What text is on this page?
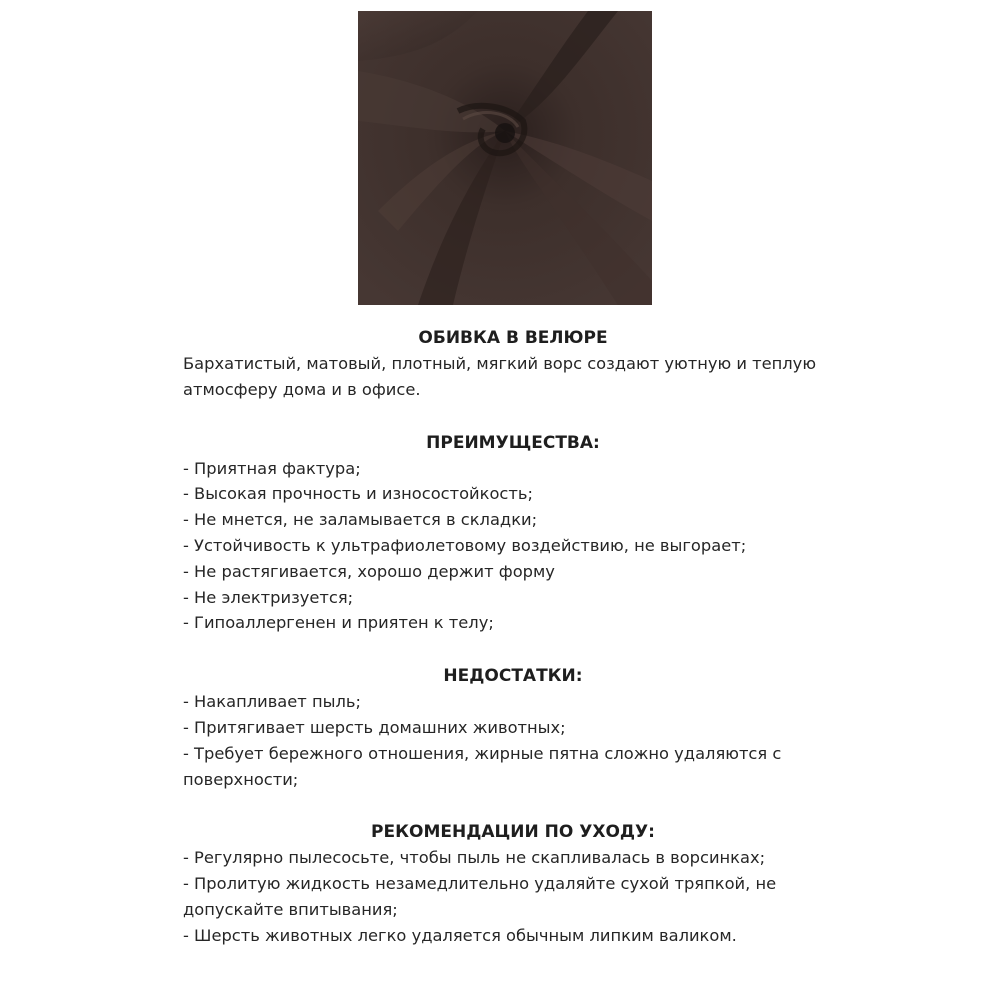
ОБИВКА В ВЕЛЮРЕ

Бархатистый, матовый, плотный, мягкий ворс создают уютную и теплую атмосферу дома и в офисе.

ПРЕИМУЩЕСТВА:
- Приятная фактура;
- Высокая прочность и износостойкость;
- Не мнется, не заламывается в складки;
- Устойчивость к ультрафиолетовому воздействию, не выгорает;
- Не растягивается, хорошо держит форму
- Не электризуется;
- Гипоаллергенен и приятен к телу;
НЕДОСТАТКИ:
- Накапливает пыль;
- Притягивает шерсть домашних животных;
- Требует бережного отношения, жирные пятна сложно удаляются с поверхности;
РЕКОМЕНДАЦИИ ПО УХОДУ:
- Регулярно пылесосьте, чтобы пыль не скапливалась в ворсинках;
- Пролитую жидкость незамедлительно удаляйте сухой тряпкой, не допускайте впитывания;
- Шерсть животных легко удаляется обычным липким валиком.
